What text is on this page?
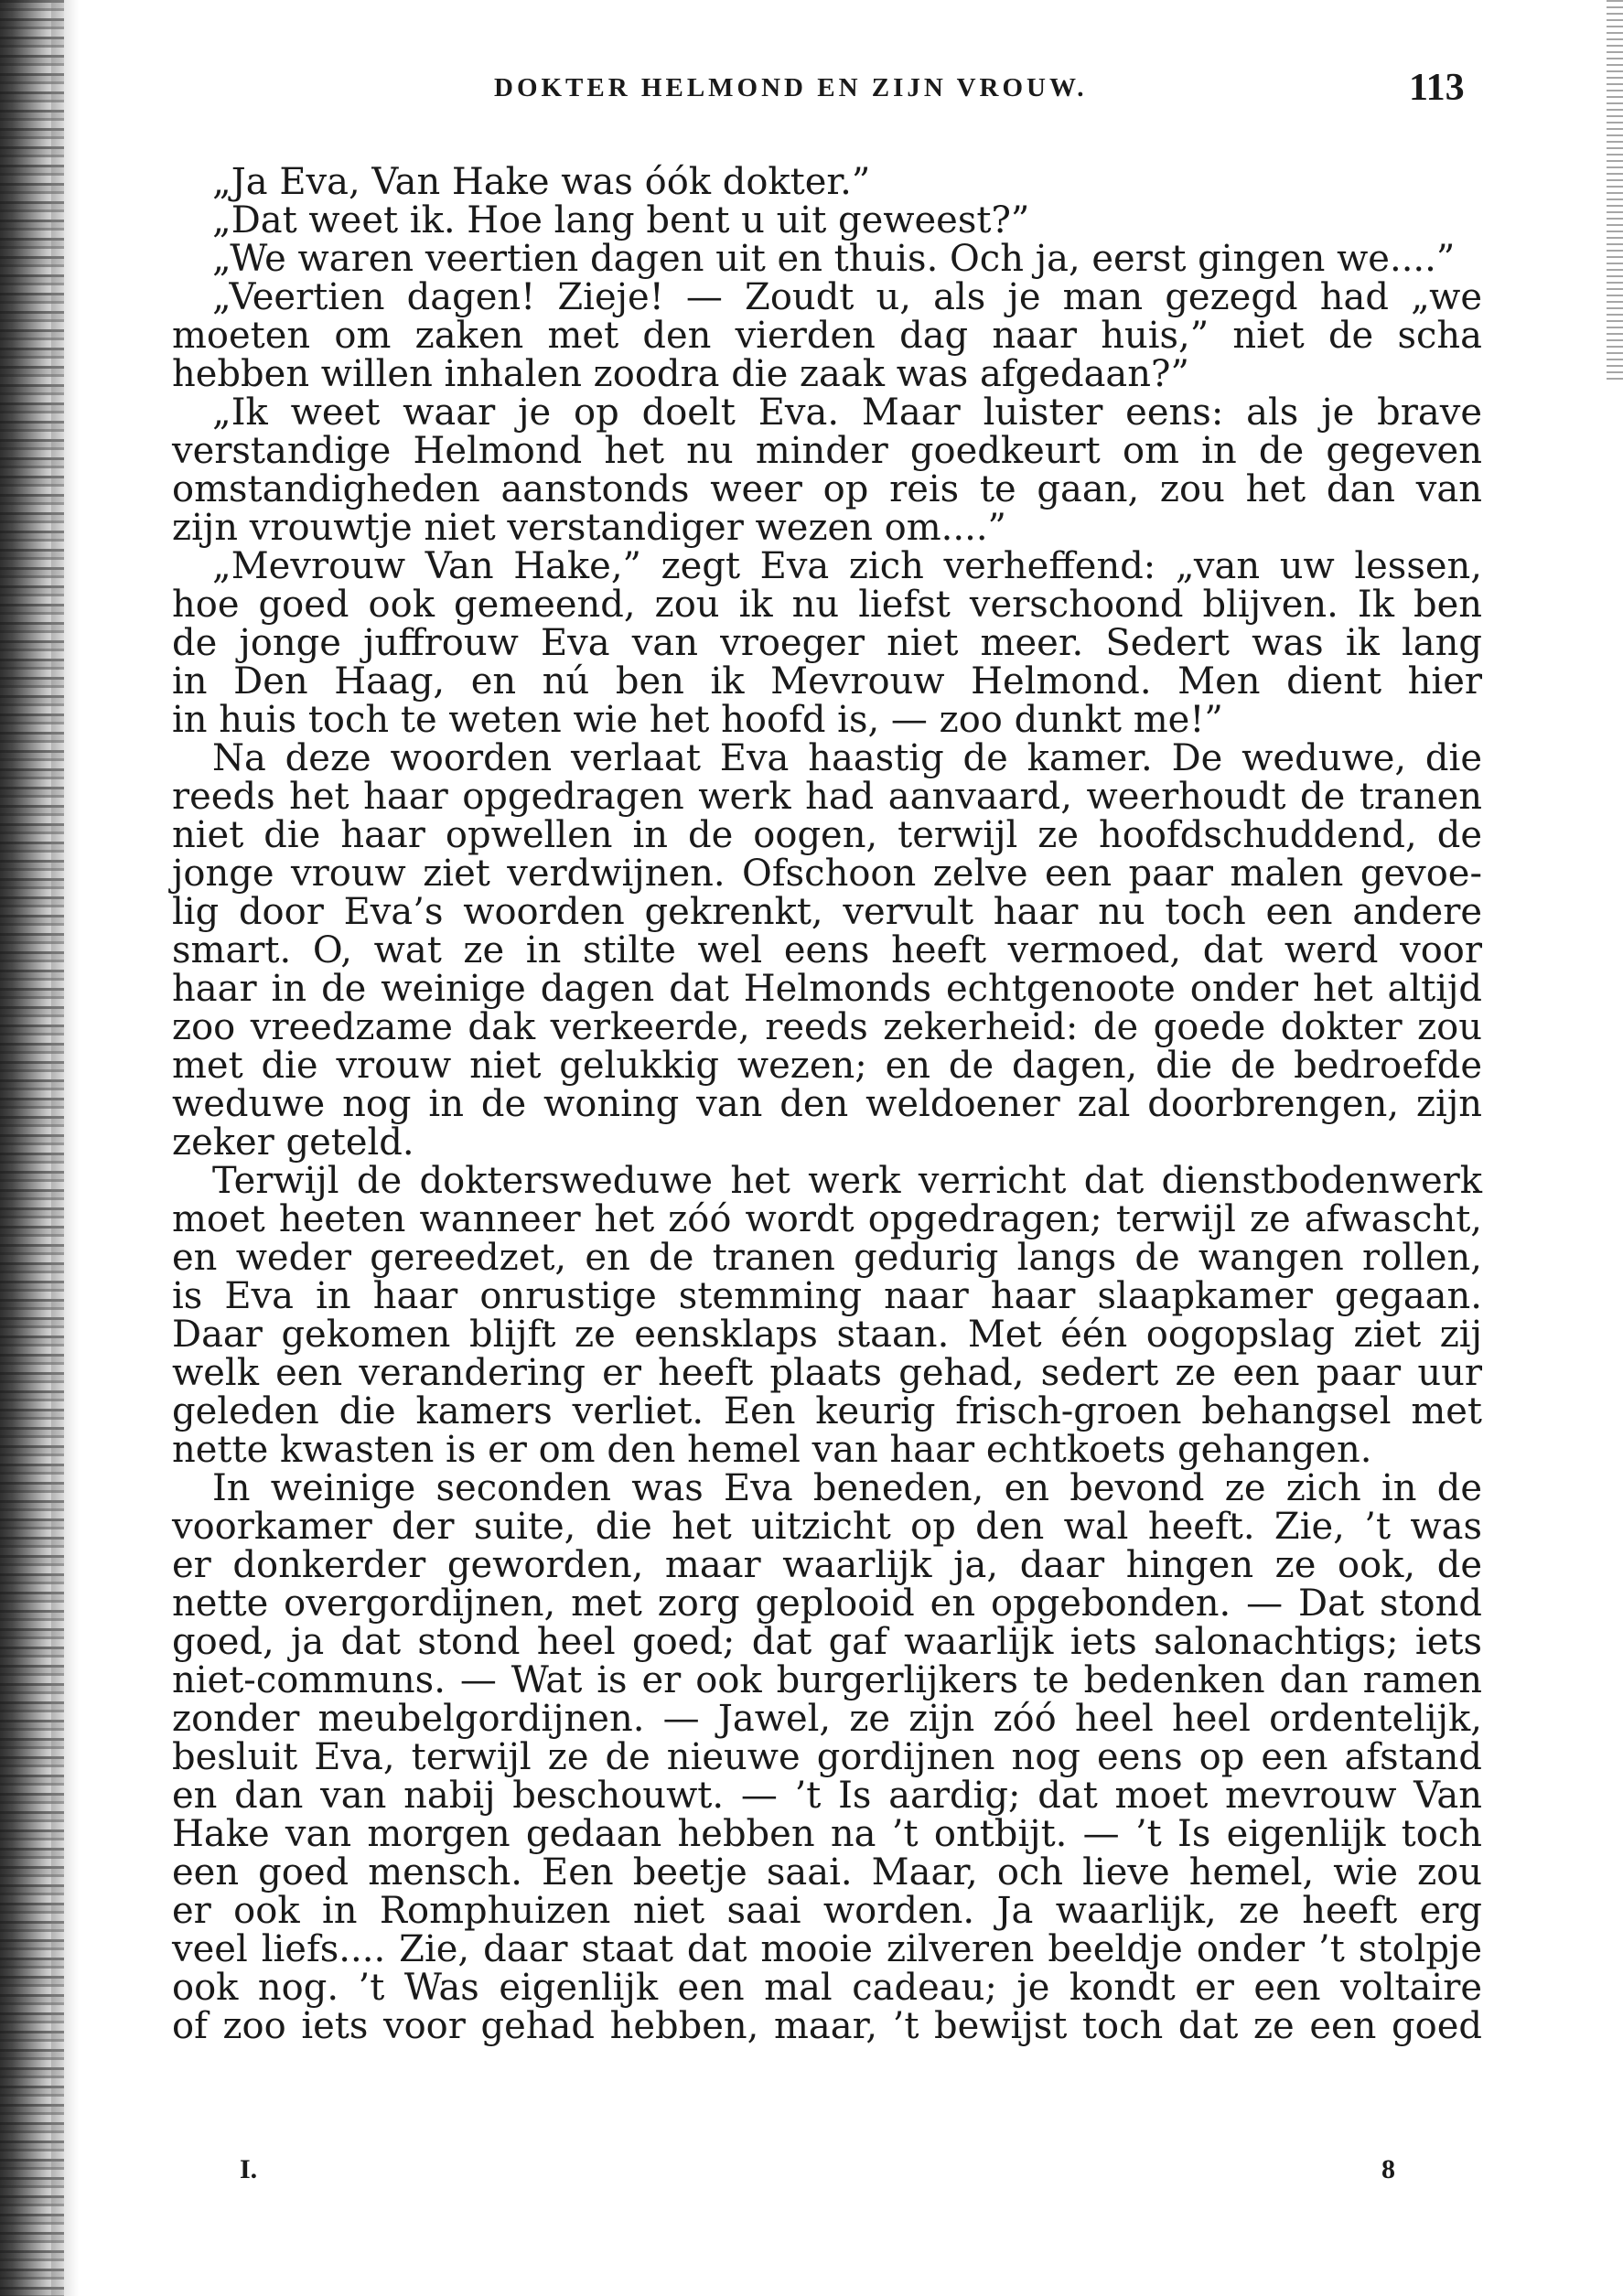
DOKTER HELMOND EN ZIJN VROUW.	113
„Ja Eva, Van Hake was óók dokter.”
„Dat weet ik. Hoe lang bent u uit geweest?”
„We waren veertien dagen uit en thuis. Och ja, eerst gingen we....”
„Veertien dagen! Zieje! — Zoudt u, als je man gezegd had „we
moeten om zaken met den vierden dag naar huis,” niet de scha
hebben willen inhalen zoodra die zaak was afgedaan?”
„Ik weet waar je op doelt Eva. Maar luister eens: als je brave
verstandige Helmond het nu minder goedkeurt om in de gegeven
omstandigheden aanstonds weer op reis te gaan, zou het dan van
zijn vrouwtje niet verstandiger wezen om....”
„Mevrouw Van Hake,” zegt Eva zich verheffend: „van uw lessen,
hoe goed ook gemeend, zou ik nu liefst verschoond blijven. Ik ben
de jonge juffrouw Eva van vroeger niet meer. Sedert was ik lang
in Den Haag, en nú ben ik Mevrouw Helmond. Men dient hier
in huis toch te weten wie het hoofd is, — zoo dunkt me!”
Na deze woorden verlaat Eva haastig de kamer. De weduwe, die
reeds het haar opgedragen werk had aanvaard, weerhoudt de tranen
niet die haar opwellen in de oogen, terwijl ze hoofdschuddend, de
jonge vrouw ziet verdwijnen. Ofschoon zelve een paar malen gevoe-
lig door Eva’s woorden gekrenkt, vervult haar nu toch een andere
smart. O, wat ze in stilte wel eens heeft vermoed, dat werd voor
haar in de weinige dagen dat Helmonds echtgenoote onder het altijd
zoo vreedzame dak verkeerde, reeds zekerheid: de goede dokter zou
met die vrouw niet gelukkig wezen; en de dagen, die de bedroefde
weduwe nog in de woning van den weldoener zal doorbrengen, zijn
zeker geteld.
Terwijl de doktersweduwe het werk verricht dat dienstbodenwerk
moet heeten wanneer het zóó wordt opgedragen; terwijl ze afwascht,
en weder gereedzet, en de tranen gedurig langs de wangen rollen,
is Eva in haar onrustige stemming naar haar slaapkamer gegaan.
Daar gekomen blijft ze eensklaps staan. Met één oogopslag ziet zij
welk een verandering er heeft plaats gehad, sedert ze een paar uur
geleden die kamers verliet. Een keurig frisch-groen behangsel met
nette kwasten is er om den hemel van haar echtkoets gehangen.
In weinige seconden was Eva beneden, en bevond ze zich in de
voorkamer der suite, die het uitzicht op den wal heeft. Zie, ’t was
er donkerder geworden, maar waarlijk ja, daar hingen ze ook, de
nette overgordijnen, met zorg geplooid en opgebonden. — Dat stond
goed, ja dat stond heel goed; dat gaf waarlijk iets salonachtigs; iets
niet-communs. — Wat is er ook burgerlijkers te bedenken dan ramen
zonder meubelgordijnen. — Jawel, ze zijn zóó heel heel ordentelijk,
besluit Eva, terwijl ze de nieuwe gordijnen nog eens op een afstand
en dan van nabij beschouwt. — ’t Is aardig; dat moet mevrouw Van
Hake van morgen gedaan hebben na ’t ontbijt. — ’t Is eigenlijk toch
een goed mensch. Een beetje saai. Maar, och lieve hemel, wie zou
er ook in Romphuizen niet saai worden. Ja waarlijk, ze heeft erg
veel liefs.... Zie, daar staat dat mooie zilveren beeldje onder ’t stolpje
ook nog. ’t Was eigenlijk een mal cadeau; je kondt er een voltaire
of zoo iets voor gehad hebben, maar, ’t bewijst toch dat ze een goed
I.	8
